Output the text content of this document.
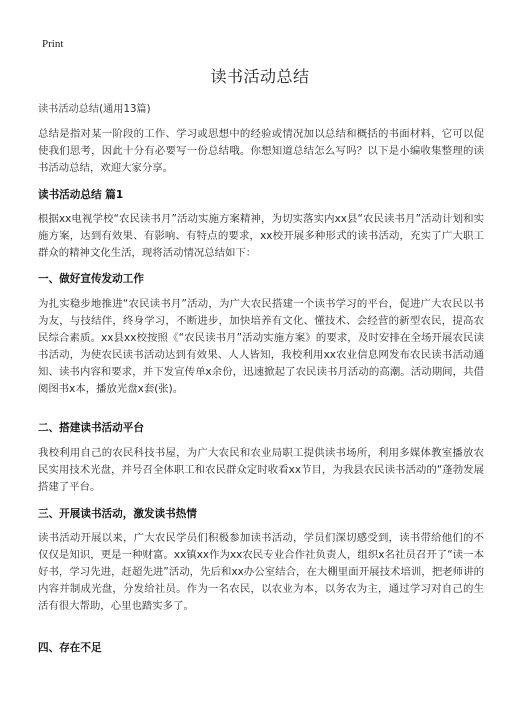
Print
读书活动总结
读书活动总结(通用13篇)
总结是指对某一阶段的工作、学习或思想中的经验或情况加以总结和概括的书面材料，它可以促使我们思考，因此十分有必要写一份总结哦。你想知道总结怎么写吗？以下是小编收集整理的读书活动总结，欢迎大家分享。
读书活动总结 篇1
根据xx电视学校“农民读书月”活动实施方案精神，为切实落实内xx县“农民读书月”活动计划和实施方案，达到有效果、有影响、有特点的要求，xx校开展多种形式的读书活动，充实了广大职工群众的精神文化生活，现将活动情况总结如下：
一、做好宣传发动工作
为扎实稳步地推进“农民读书月”活动，为广大农民搭建一个读书学习的平台，促进广大农民以书为友，与技结伴，终身学习，不断进步，加快培养有文化、懂技术、会经营的新型农民，提高农民综合素质。xx县xx校按照《“农民读书月”活动实施方案》的要求，及时安排在全场开展农民读书活动，为使农民读书活动达到有效果、人人皆知，我校利用xx农业信息网发布农民读书活动通知、读书内容和要求，并下发宣传单x余份，迅速掀起了农民读书月活动的高潮。活动期间，共借阅图书x本，播放光盘x套(张)。
二、搭建读书活动平台
我校利用自己的农民科技书屋，为广大农民和农业局职工提供读书场所，利用多媒体教室播放农民实用技术光盘，并号召全体职工和农民群众定时收看xx节目，为我县农民读书活动的“蓬勃发展搭建了平台。
三、开展读书活动，激发读书热情
读书活动开展以来，广大农民学员们积极参加读书活动，学员们深切感受到，读书带给他们的不仅仅是知识，更是一种财富。xx镇xx作为xx农民专业合作社负责人，组织x名社员召开了“读一本好书，学习先进，赶超先进”活动，先后和xx办公室结合，在大棚里面开展技术培训，把老师讲的内容并制成光盘，分发给社员。作为一名农民，以农业为本，以务农为主，通过学习对自己的生活有很大帮助，心里也踏实多了。
四、存在不足
